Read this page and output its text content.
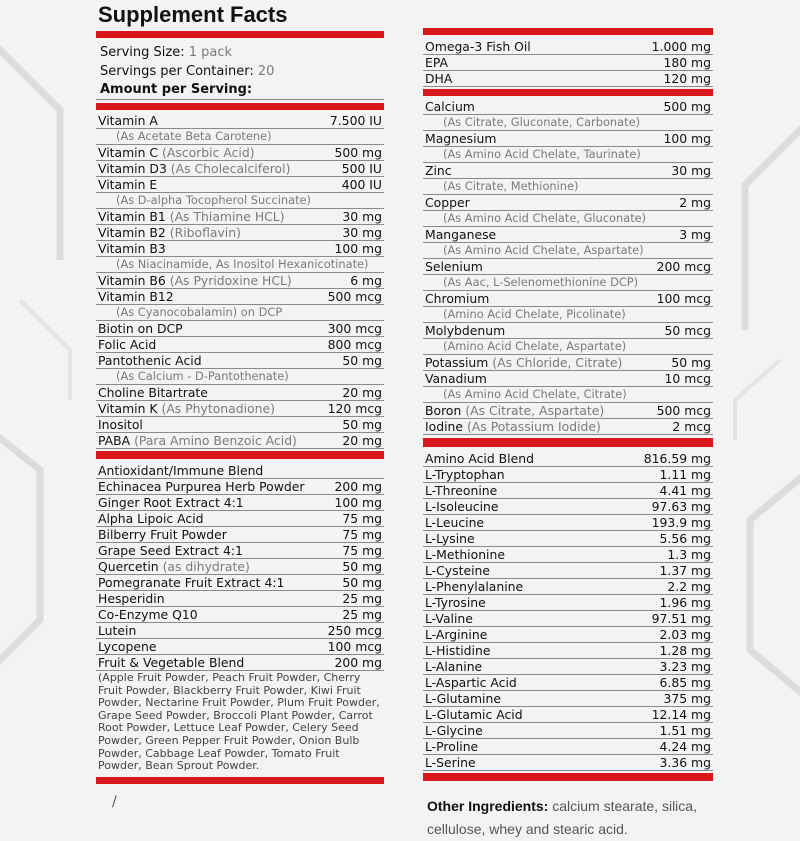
Supplement Facts
Serving Size: 1 pack
Servings per Container: 20
Amount per Serving:
Vitamin A	7.500 IU
(As Acetate Beta Carotene)
Vitamin C (Ascorbic Acid)	500 mg
Vitamin D3 (As Cholecalciferol)	500 IU
Vitamin E	400 IU
(As D-alpha Tocopherol Succinate)
Vitamin B1 (As Thiamine HCL)	30 mg
Vitamin B2 (Riboflavin)	30 mg
Vitamin B3	100 mg
(As Niacinamide, As Inositol Hexanicotinate)
Vitamin B6 (As Pyridoxine HCL)	6 mg
Vitamin B12	500 mcg
(As Cyanocobalamin) on DCP
Biotin on DCP	300 mcg
Folic Acid	800 mcg
Pantothenic Acid	50 mg
(As Calcium - D-Pantothenate)
Choline Bitartrate	20 mg
Vitamin K (As Phytonadione)	120 mcg
Inositol	50 mg
PABA (Para Amino Benzoic Acid)	20 mg
Antioxidant/Immune Blend
Echinacea Purpurea Herb Powder 200 mg
Ginger Root Extract 4:1	100 mg
Alpha Lipoic Acid	75 mg
Bilberry Fruit Powder	75 mg
Grape Seed Extract 4:1	75 mg
Quercetin (as dihydrate)	50 mg
Pomegranate Fruit Extract 4:1	50 mg
Hesperidin	25 mg
Co-Enzyme Q10	25 mg
Lutein	250 mcg
Lycopene	100 mcg
Fruit & Vegetable Blend	200 mg
(Apple Fruit Powder, Peach Fruit Powder, Cherry Fruit Powder, Blackberry Fruit Powder, Kiwi Fruit Powder, Nectarine Fruit Powder, Plum Fruit Powder, Grape Seed Powder, Broccoli Plant Powder, Carrot Root Powder, Lettuce Leaf Powder, Celery Seed Powder, Green Pepper Fruit Powder, Onion Bulb Powder, Cabbage Leaf Powder, Tomato Fruit Powder, Bean Sprout Powder.
/
Omega-3 Fish Oil	1.000 mg
EPA	180 mg
DHA	120 mg
Calcium	500 mg
(As Citrate, Gluconate, Carbonate)
Magnesium	100 mg
(As Amino Acid Chelate, Taurinate)
Zinc	30 mg
(As Citrate, Methionine)
Copper	2 mg
(As Amino Acid Chelate, Gluconate)
Manganese	3 mg
(As Amino Acid Chelate, Aspartate)
Selenium	200 mcg
(As Aac, L-Selenomethionine DCP)
Chromium	100 mcg
(Amino Acid Chelate, Picolinate)
Molybdenum	50 mcg
(Amino Acid Chelate, Aspartate)
Potassium (As Chloride, Citrate)	50 mg
Vanadium	10 mcg
(As Amino Acid Chelate, Citrate)
Boron (As Citrate, Aspartate)	500 mcg
Iodine (As Potassium Iodide)	2 mcg
Amino Acid Blend	816.59 mg
L-Tryptophan	1.11 mg
L-Threonine	4.41 mg
L-Isoleucine	97.63 mg
L-Leucine	193.9 mg
L-Lysine	5.56 mg
L-Methionine	1.3 mg
L-Cysteine	1.37 mg
L-Phenylalanine	2.2 mg
L-Tyrosine	1.96 mg
L-Valine	97.51 mg
L-Arginine	2.03 mg
L-Histidine	1.28 mg
L-Alanine	3.23 mg
L-Aspartic Acid	6.85 mg
L-Glutamine	375 mg
L-Glutamic Acid	12.14 mg
L-Glycine	1.51 mg
L-Proline	4.24 mg
L-Serine	3.36 mg
Other Ingredients: calcium stearate, silica, cellulose, whey and stearic acid.
